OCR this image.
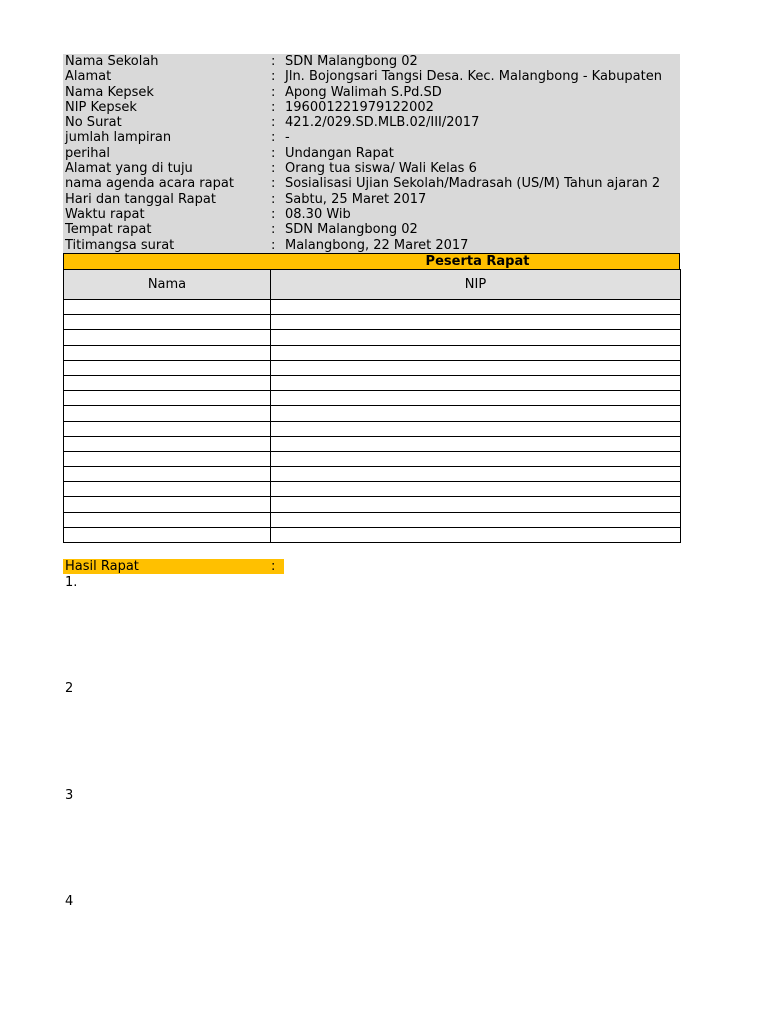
Nama Sekolah	: SDN Malangbong 02
Alamat	: Jln. Bojongsari Tangsi Desa. Kec. Malangbong - Kabupaten
Nama Kepsek	: Apong Walimah S.Pd.SD
NIP Kepsek	: 196001221979122002
No Surat	: 421.2/029.SD.MLB.02/III/2017
jumlah lampiran	: -
perihal	: Undangan Rapat
Alamat yang di tuju	: Orang tua siswa/ Wali Kelas 6
nama agenda acara rapat	: Sosialisasi Ujian Sekolah/Madrasah (US/M) Tahun ajaran 2
Hari dan tanggal Rapat	: Sabtu, 25 Maret 2017
Waktu rapat	: 08.30 Wib
Tempat rapat	: SDN Malangbong 02
Titimangsa surat	: Malangbong, 22 Maret 2017
Peserta Rapat
Nama	NIP

Hasil Rapat	:
1.
2
3
4
